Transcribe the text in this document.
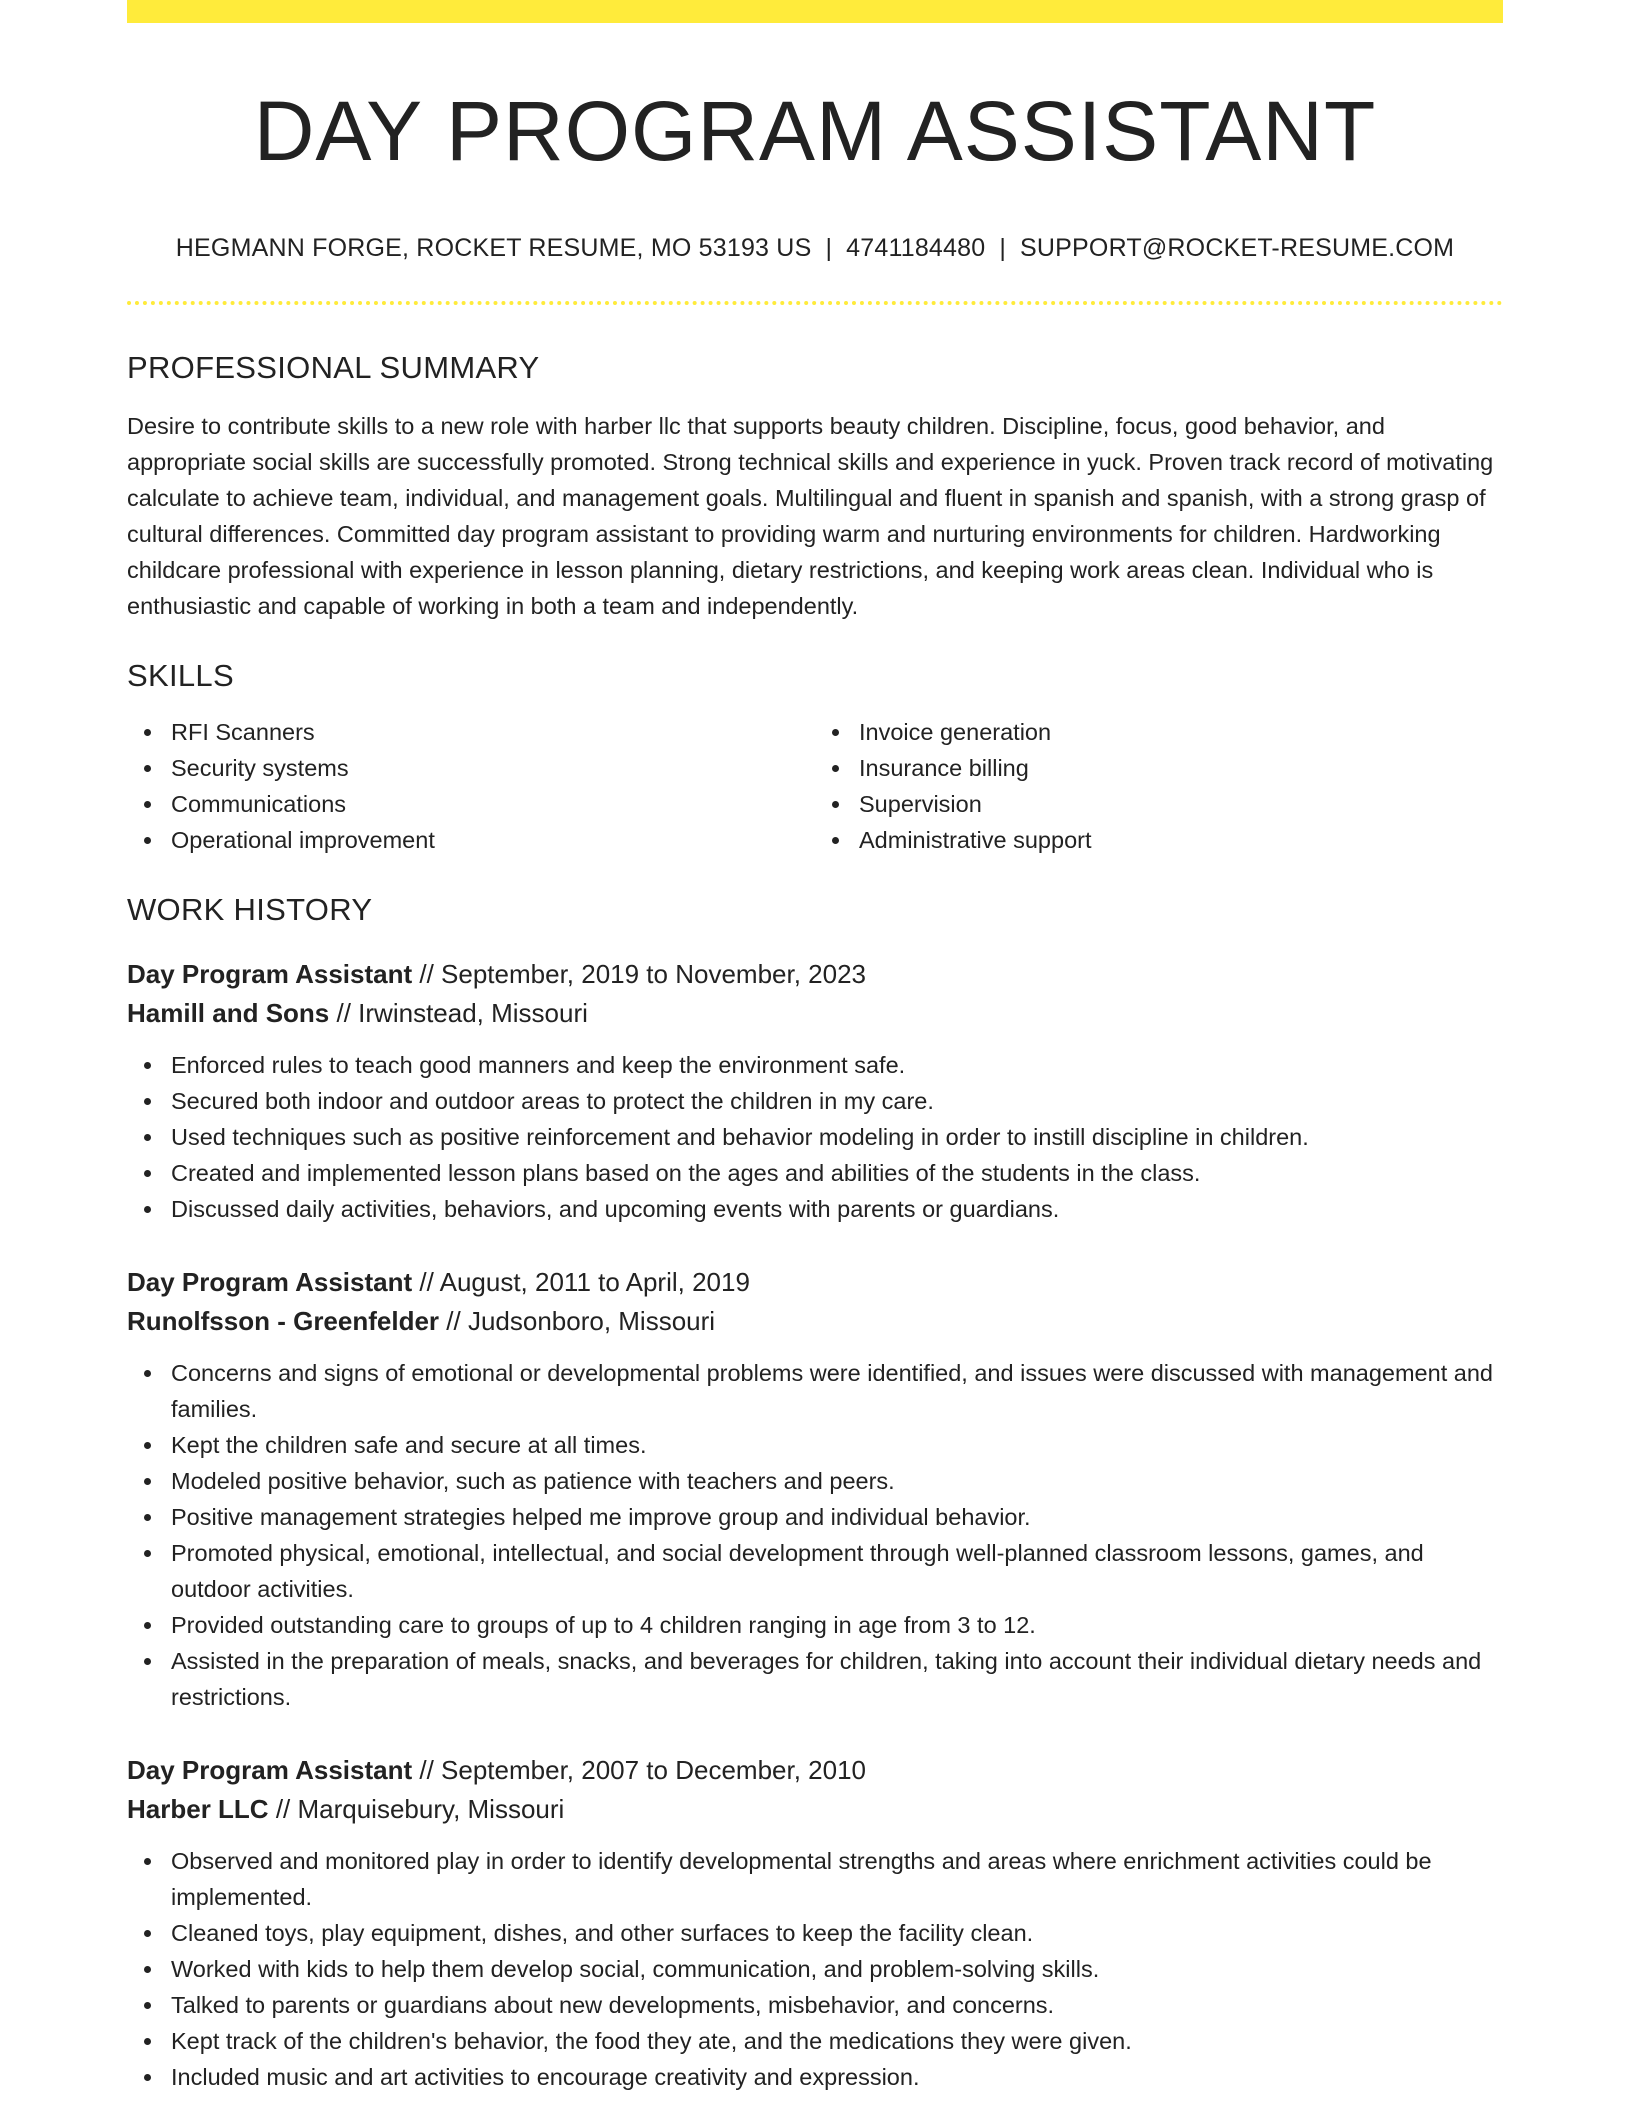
DAY PROGRAM ASSISTANT
HEGMANN FORGE, ROCKET RESUME, MO 53193 US | 4741184480 | SUPPORT@ROCKET-RESUME.COM
PROFESSIONAL SUMMARY

Desire to contribute skills to a new role with harber llc that supports beauty children. Discipline, focus, good behavior, and appropriate social skills are successfully promoted. Strong technical skills and experience in yuck. Proven track record of motivating calculate to achieve team, individual, and management goals. Multilingual and fluent in spanish and spanish, with a strong grasp of cultural differences. Committed day program assistant to providing warm and nurturing environments for children. Hardworking childcare professional with experience in lesson planning, dietary restrictions, and keeping work areas clean. Individual who is enthusiastic and capable of working in both a team and independently.

SKILLS
RFI Scanners
Security systems
Communications
Operational improvement
Invoice generation
Insurance billing
Supervision
Administrative support
WORK HISTORY
Day Program Assistant // September, 2019 to November, 2023
Hamill and Sons // Irwinstead, Missouri
Enforced rules to teach good manners and keep the environment safe.
Secured both indoor and outdoor areas to protect the children in my care.
Used techniques such as positive reinforcement and behavior modeling in order to instill discipline in children.
Created and implemented lesson plans based on the ages and abilities of the students in the class.
Discussed daily activities, behaviors, and upcoming events with parents or guardians.
Day Program Assistant // August, 2011 to April, 2019
Runolfsson - Greenfelder // Judsonboro, Missouri
Concerns and signs of emotional or developmental problems were identified, and issues were discussed with management and families.
Kept the children safe and secure at all times.
Modeled positive behavior, such as patience with teachers and peers.
Positive management strategies helped me improve group and individual behavior.
Promoted physical, emotional, intellectual, and social development through well-planned classroom lessons, games, and outdoor activities.
Provided outstanding care to groups of up to 4 children ranging in age from 3 to 12.
Assisted in the preparation of meals, snacks, and beverages for children, taking into account their individual dietary needs and restrictions.
Day Program Assistant // September, 2007 to December, 2010
Harber LLC // Marquisebury, Missouri
Observed and monitored play in order to identify developmental strengths and areas where enrichment activities could be implemented.
Cleaned toys, play equipment, dishes, and other surfaces to keep the facility clean.
Worked with kids to help them develop social, communication, and problem-solving skills.
Talked to parents or guardians about new developments, misbehavior, and concerns.
Kept track of the children's behavior, the food they ate, and the medications they were given.
Included music and art activities to encourage creativity and expression.
